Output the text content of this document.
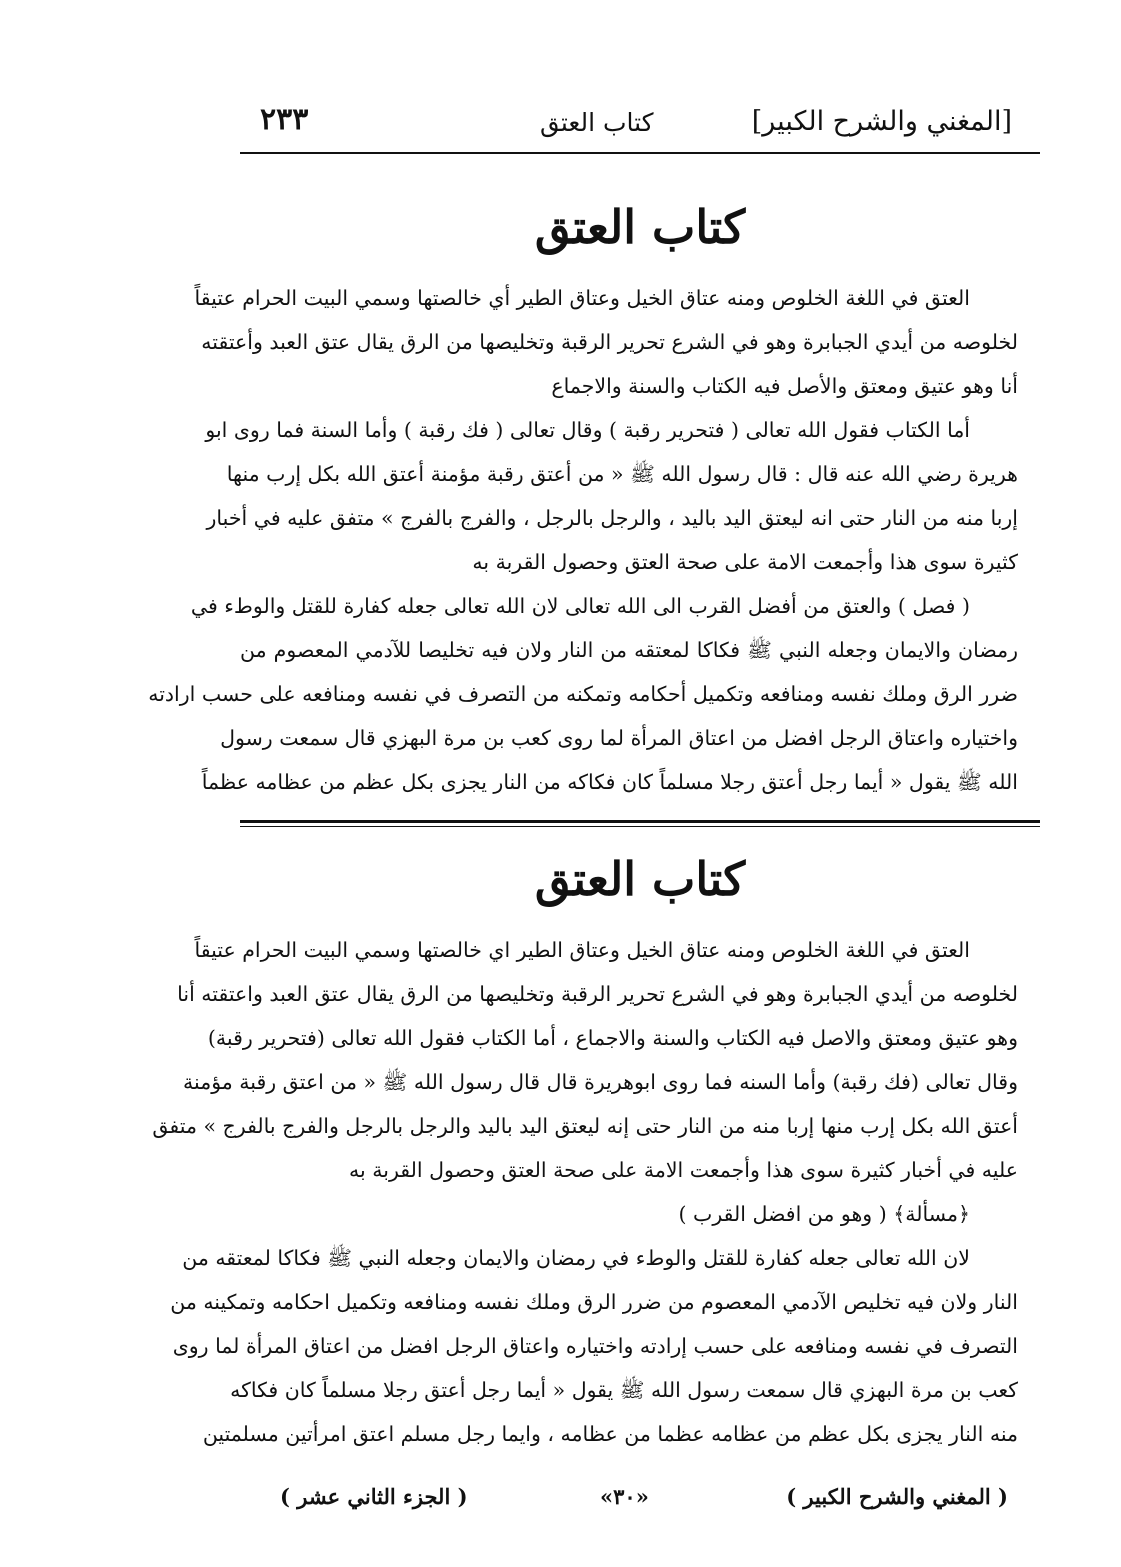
[المغني والشرح الكبير]
كتاب العتق
٢٣٣
كتاب العتق
العتق في اللغة الخلوص ومنه عتاق الخيل وعتاق الطير أي خالصتها وسمي البيت الحرام عتيقاً
لخلوصه من أيدي الجبابرة وهو في الشرع تحرير الرقبة وتخليصها من الرق يقال عتق العبد وأعتقته
أنا وهو عتيق ومعتق والأصل فيه الكتاب والسنة والاجماع
أما الكتاب فقول الله تعالى ( فتحرير رقبة ) وقال تعالى ( فك رقبة ) وأما السنة فما روى ابو
هريرة رضي الله عنه قال : قال رسول الله ﷺ « من أعتق رقبة مؤمنة أعتق الله بكل إرب منها
إربا منه من النار حتى انه ليعتق اليد باليد ، والرجل بالرجل ، والفرج بالفرج » متفق عليه في أخبار
كثيرة سوى هذا وأجمعت الامة على صحة العتق وحصول القربة به
( فصل ) والعتق من أفضل القرب الى الله تعالى لان الله تعالى جعله كفارة للقتل والوطء في
رمضان والايمان وجعله النبي ﷺ فكاكا لمعتقه من النار ولان فيه تخليصا للآدمي المعصوم من
ضرر الرق وملك نفسه ومنافعه وتكميل أحكامه وتمكنه من التصرف في نفسه ومنافعه على حسب ارادته
واختياره واعتاق الرجل افضل من اعتاق المرأة لما روى كعب بن مرة البهزي قال سمعت رسول
الله ﷺ يقول « أيما رجل أعتق رجلا مسلماً كان فكاكه من النار يجزى بكل عظم من عظامه عظماً
كتاب العتق
العتق في اللغة الخلوص ومنه عتاق الخيل وعتاق الطير اي خالصتها وسمي البيت الحرام عتيقاً
لخلوصه من أيدي الجبابرة وهو في الشرع تحرير الرقبة وتخليصها من الرق يقال عتق العبد واعتقته أنا
وهو عتيق ومعتق والاصل فيه الكتاب والسنة والاجماع ، أما الكتاب فقول الله تعالى (فتحرير رقبة)
وقال تعالى (فك رقبة) وأما السنه فما روى ابوهريرة قال قال رسول الله ﷺ « من اعتق رقبة مؤمنة
أعتق الله بكل إرب منها إربا منه من النار حتى إنه ليعتق اليد باليد والرجل بالرجل والفرج بالفرج » متفق
عليه في أخبار كثيرة سوى هذا وأجمعت الامة على صحة العتق وحصول القربة به
﴿مسألة﴾ ( وهو من افضل القرب )
لان الله تعالى جعله كفارة للقتل والوطء في رمضان والايمان وجعله النبي ﷺ فكاكا لمعتقه من
النار ولان فيه تخليص الآدمي المعصوم من ضرر الرق وملك نفسه ومنافعه وتكميل احكامه وتمكينه من
التصرف في نفسه ومنافعه على حسب إرادته واختياره واعتاق الرجل افضل من اعتاق المرأة لما روى
كعب بن مرة البهزي قال سمعت رسول الله ﷺ يقول « أيما رجل أعتق رجلا مسلماً كان فكاكه
منه النار يجزى بكل عظم من عظامه عظما من عظامه ، وايما رجل مسلم اعتق امرأتين مسلمتين
( المغني والشرح الكبير )
«٣٠»
( الجزء الثاني عشر )
